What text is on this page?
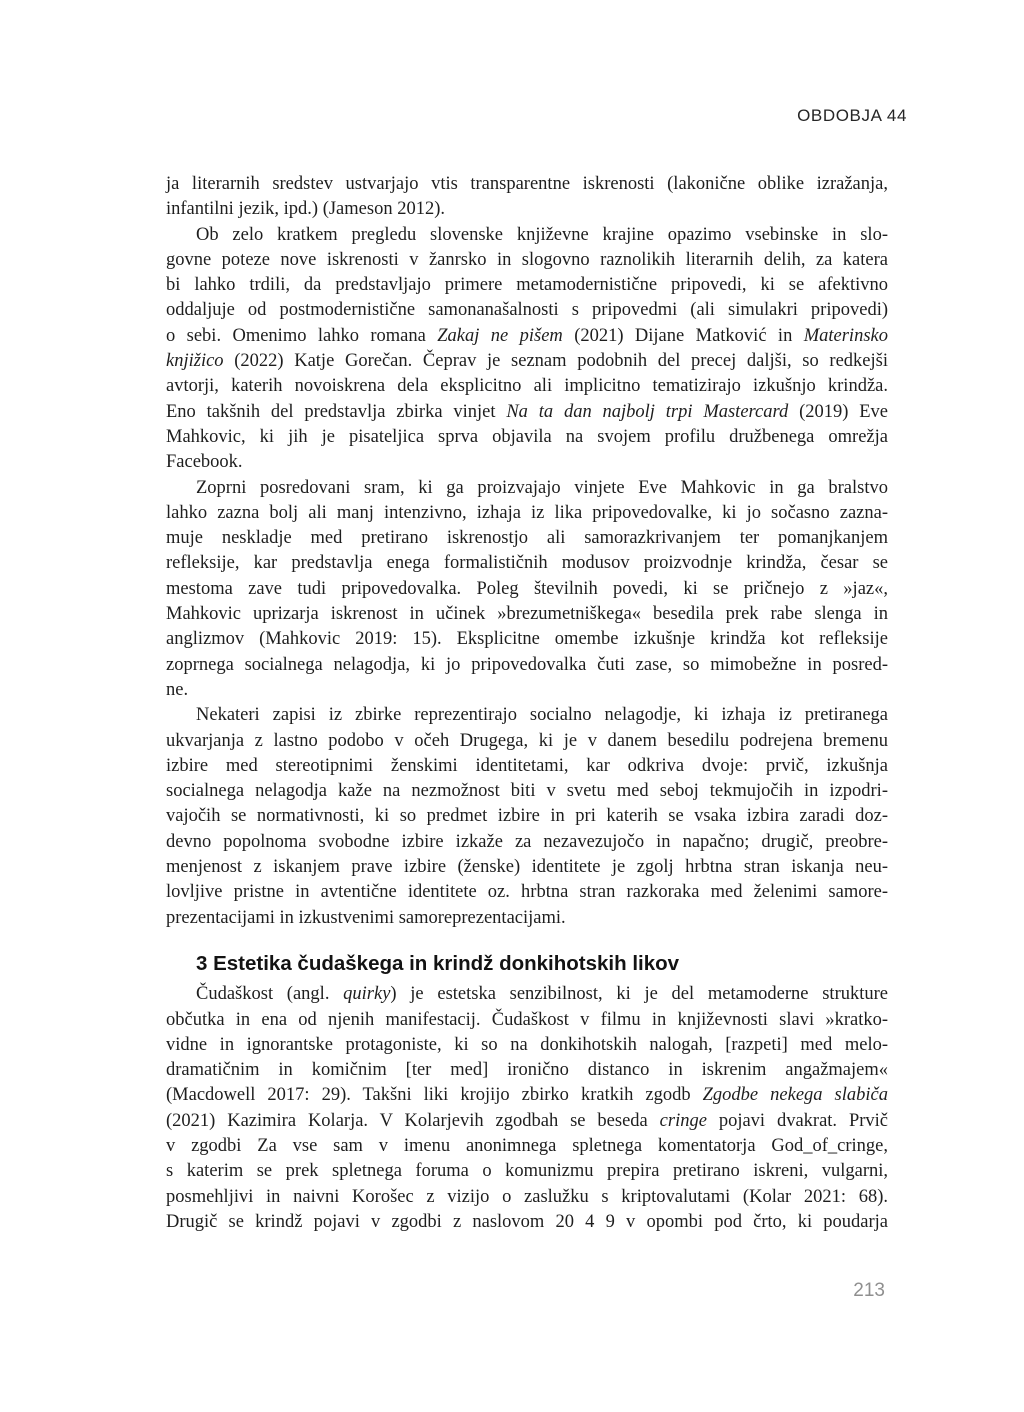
OBDOBJA 44
ja literarnih sredstev ustvarjajo vtis transparentne iskrenosti (lakonične oblike izražanja,
infantilni jezik, ipd.) (Jameson 2012).
Ob zelo kratkem pregledu slovenske književne krajine opazimo vsebinske in slo-
govne poteze nove iskrenosti v žanrsko in slogovno raznolikih literarnih delih, za katera
bi lahko trdili, da predstavljajo primere metamodernistične pripovedi, ki se afektivno
oddaljuje od postmodernistične samonanašalnosti s pripovedmi (ali simulakri pripovedi)
o sebi. Omenimo lahko romana Zakaj ne pišem (2021) Dijane Matković in Materinsko
knjižico (2022) Katje Gorečan. Čeprav je seznam podobnih del precej daljši, so redkejši
avtorji, katerih novoiskrena dela eksplicitno ali implicitno tematizirajo izkušnjo krindža.
Eno takšnih del predstavlja zbirka vinjet Na ta dan najbolj trpi Mastercard (2019) Eve
Mahkovic, ki jih je pisateljica sprva objavila na svojem profilu družbenega omrežja
Facebook.
Zoprni posredovani sram, ki ga proizvajajo vinjete Eve Mahkovic in ga bralstvo
lahko zazna bolj ali manj intenzivno, izhaja iz lika pripovedovalke, ki jo sočasno zazna-
muje neskladje med pretirano iskrenostjo ali samorazkrivanjem ter pomanjkanjem
refleksije, kar predstavlja enega formalističnih modusov proizvodnje krindža, česar se
mestoma zave tudi pripovedovalka. Poleg številnih povedi, ki se pričnejo z »jaz«,
Mahkovic uprizarja iskrenost in učinek »brezumetniškega« besedila prek rabe slenga in
anglizmov (Mahkovic 2019: 15). Eksplicitne omembe izkušnje krindža kot refleksije
zoprnega socialnega nelagodja, ki jo pripovedovalka čuti zase, so mimobežne in posred-
ne.
Nekateri zapisi iz zbirke reprezentirajo socialno nelagodje, ki izhaja iz pretiranega
ukvarjanja z lastno podobo v očeh Drugega, ki je v danem besedilu podrejena bremenu
izbire med stereotipnimi ženskimi identitetami, kar odkriva dvoje: prvič, izkušnja
socialnega nelagodja kaže na nezmožnost biti v svetu med seboj tekmujočih in izpodri-
vajočih se normativnosti, ki so predmet izbire in pri katerih se vsaka izbira zaradi doz-
devno popolnoma svobodne izbire izkaže za nezavezujočo in napačno; drugič, preobre-
menjenost z iskanjem prave izbire (ženske) identitete je zgolj hrbtna stran iskanja neu-
lovljive pristne in avtentične identitete oz. hrbtna stran razkoraka med želenimi samore-
prezentacijami in izkustvenimi samoreprezentacijami.
3 Estetika čudaškega in krindž donkihotskih likov
Čudaškost (angl. quirky) je estetska senzibilnost, ki je del metamoderne strukture
občutka in ena od njenih manifestacij. Čudaškost v filmu in književnosti slavi »kratko-
vidne in ignorantske protagoniste, ki so na donkihotskih nalogah, [razpeti] med melo-
dramatičnim in komičnim [ter med] ironično distanco in iskrenim angažmajem«
(Macdowell 2017: 29). Takšni liki krojijo zbirko kratkih zgodb Zgodbe nekega slabiča
(2021) Kazimira Kolarja. V Kolarjevih zgodbah se beseda cringe pojavi dvakrat. Prvič
v zgodbi Za vse sam v imenu anonimnega spletnega komentatorja God_of_cringe,
s katerim se prek spletnega foruma o komunizmu prepira pretirano iskreni, vulgarni,
posmehljivi in naivni Korošec z vizijo o zaslužku s kriptovalutami (Kolar 2021: 68).
Drugič se krindž pojavi v zgodbi z naslovom 20 4 9 v opombi pod črto, ki poudarja
213
